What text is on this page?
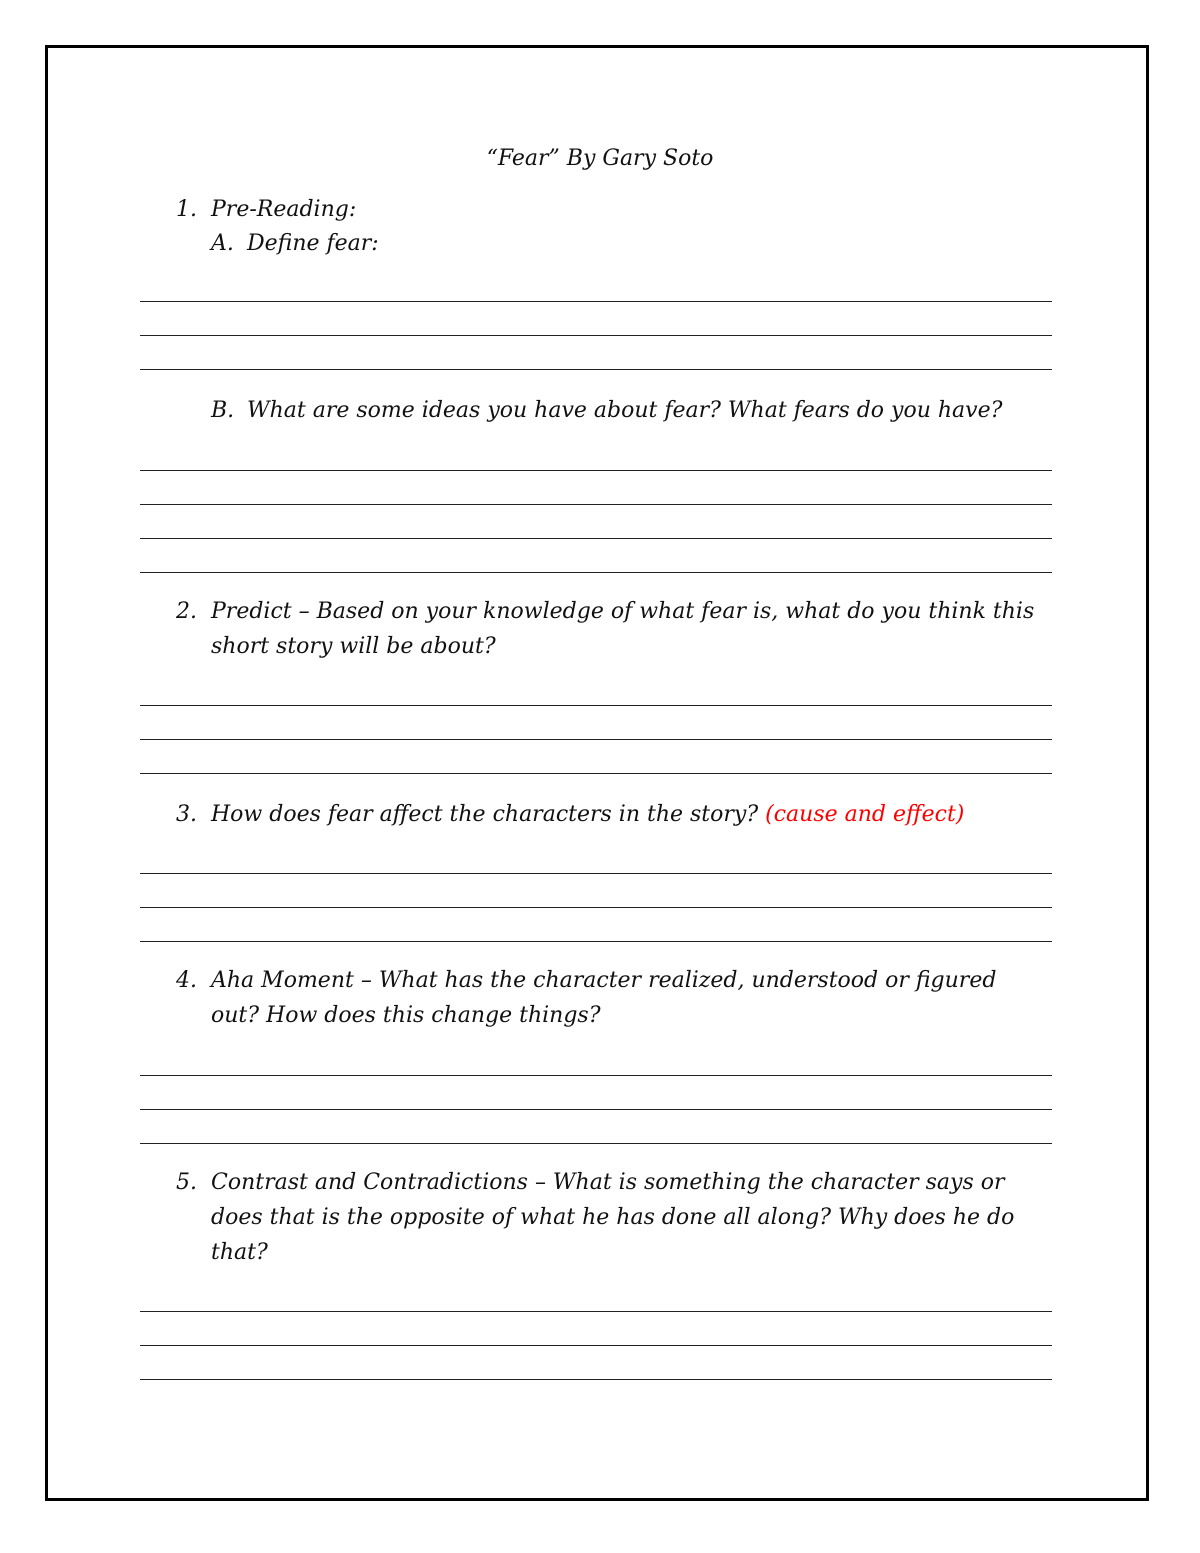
“Fear” By Gary Soto
1. Pre-Reading:
A. Define fear:
B. What are some ideas you have about fear? What fears do you have?
2. Predict – Based on your knowledge of what fear is, what do you think this
short story will be about?
3. How does fear affect the characters in the story? (cause and effect)
4. Aha Moment – What has the character realized, understood or figured
out? How does this change things?
5. Contrast and Contradictions – What is something the character says or
does that is the opposite of what he has done all along? Why does he do
that?
